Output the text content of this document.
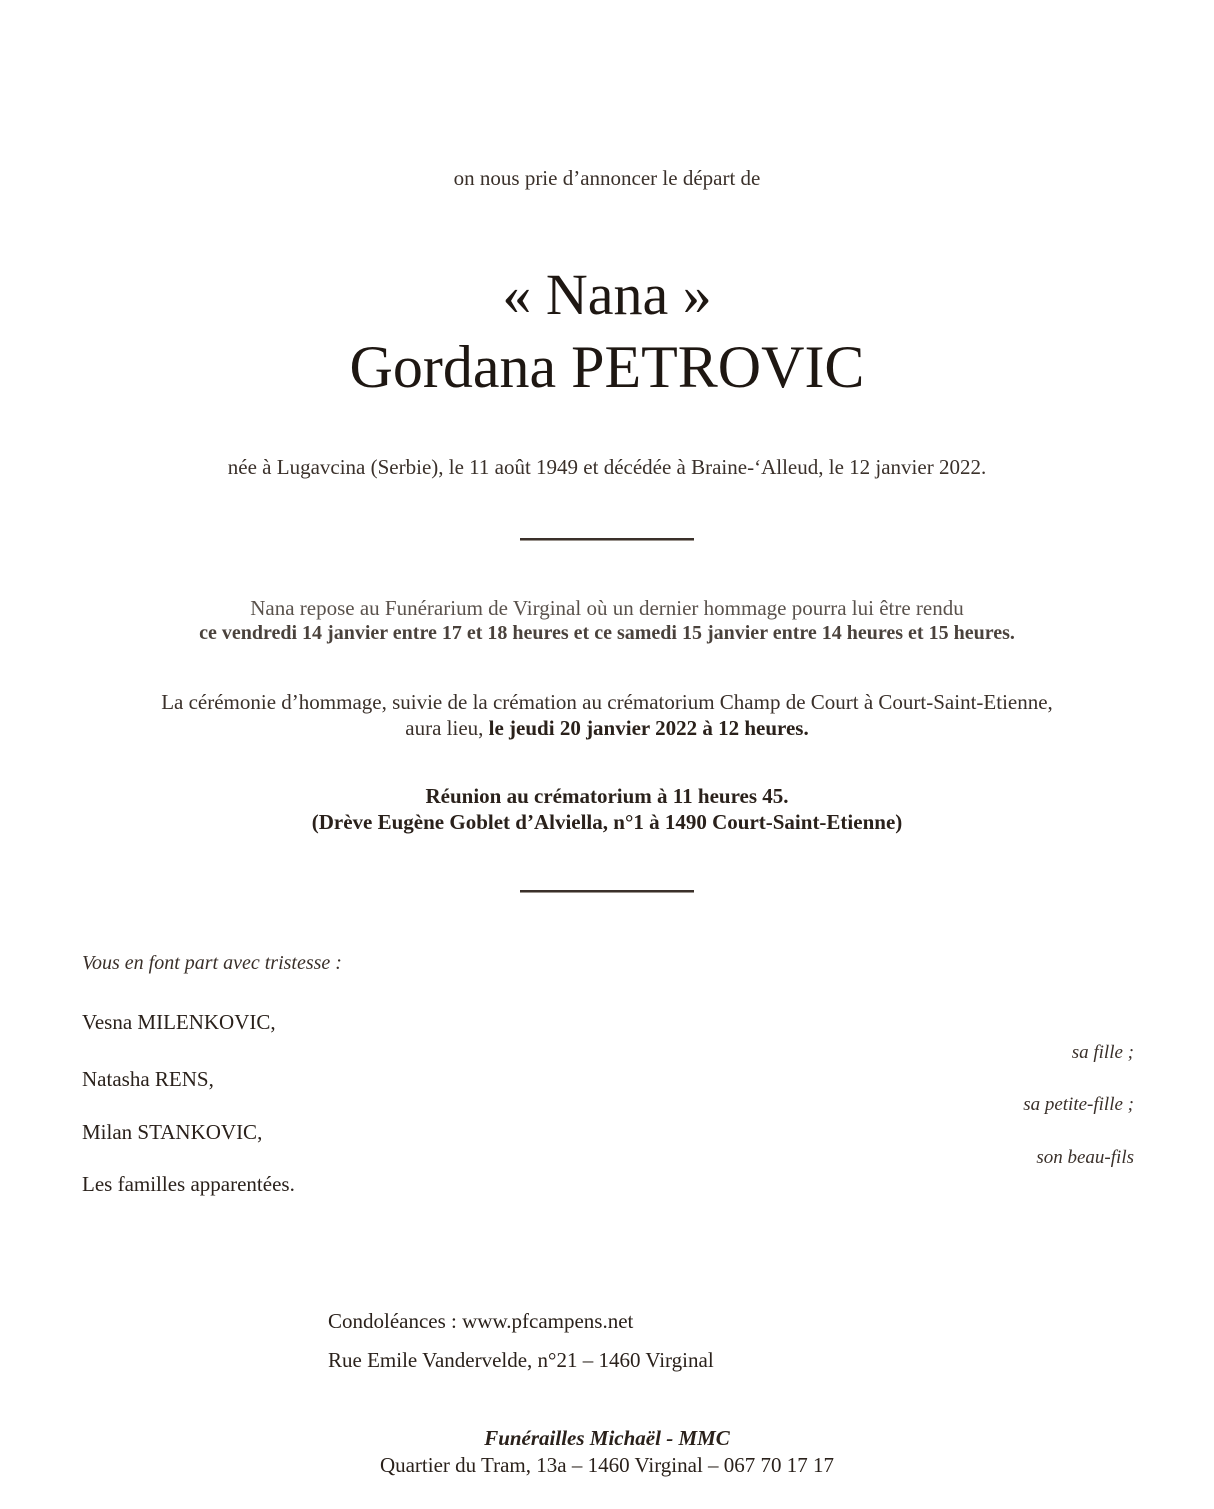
on nous prie d’annoncer le départ de
« Nana »
Gordana PETROVIC
née à Lugavcina (Serbie), le 11 août 1949 et décédée à Braine-‘Alleud, le 12 janvier 2022.
Nana repose au Funérarium de Virginal où un dernier hommage pourra lui être rendu
ce vendredi 14 janvier entre 17 et 18 heures et ce samedi 15 janvier entre 14 heures et 15 heures.
La cérémonie d’hommage, suivie de la crémation au crématorium Champ de Court à Court-Saint-Etienne,
aura lieu, le jeudi 20 janvier 2022 à 12 heures.
Réunion au crématorium à 11 heures 45.
(Drève Eugène Goblet d’Alviella, n°1 à 1490 Court-Saint-Etienne)
Vous en font part avec tristesse :
Vesna MILENKOVIC,
Natasha RENS,
Milan STANKOVIC,
Les familles apparentées.
sa fille ;
sa petite-fille ;
son beau-fils
Condoléances : www.pfcampens.net
Rue Emile Vandervelde, n°21 – 1460 Virginal
Funérailles Michaël - MMC
Quartier du Tram, 13a – 1460 Virginal – 067 70 17 17
